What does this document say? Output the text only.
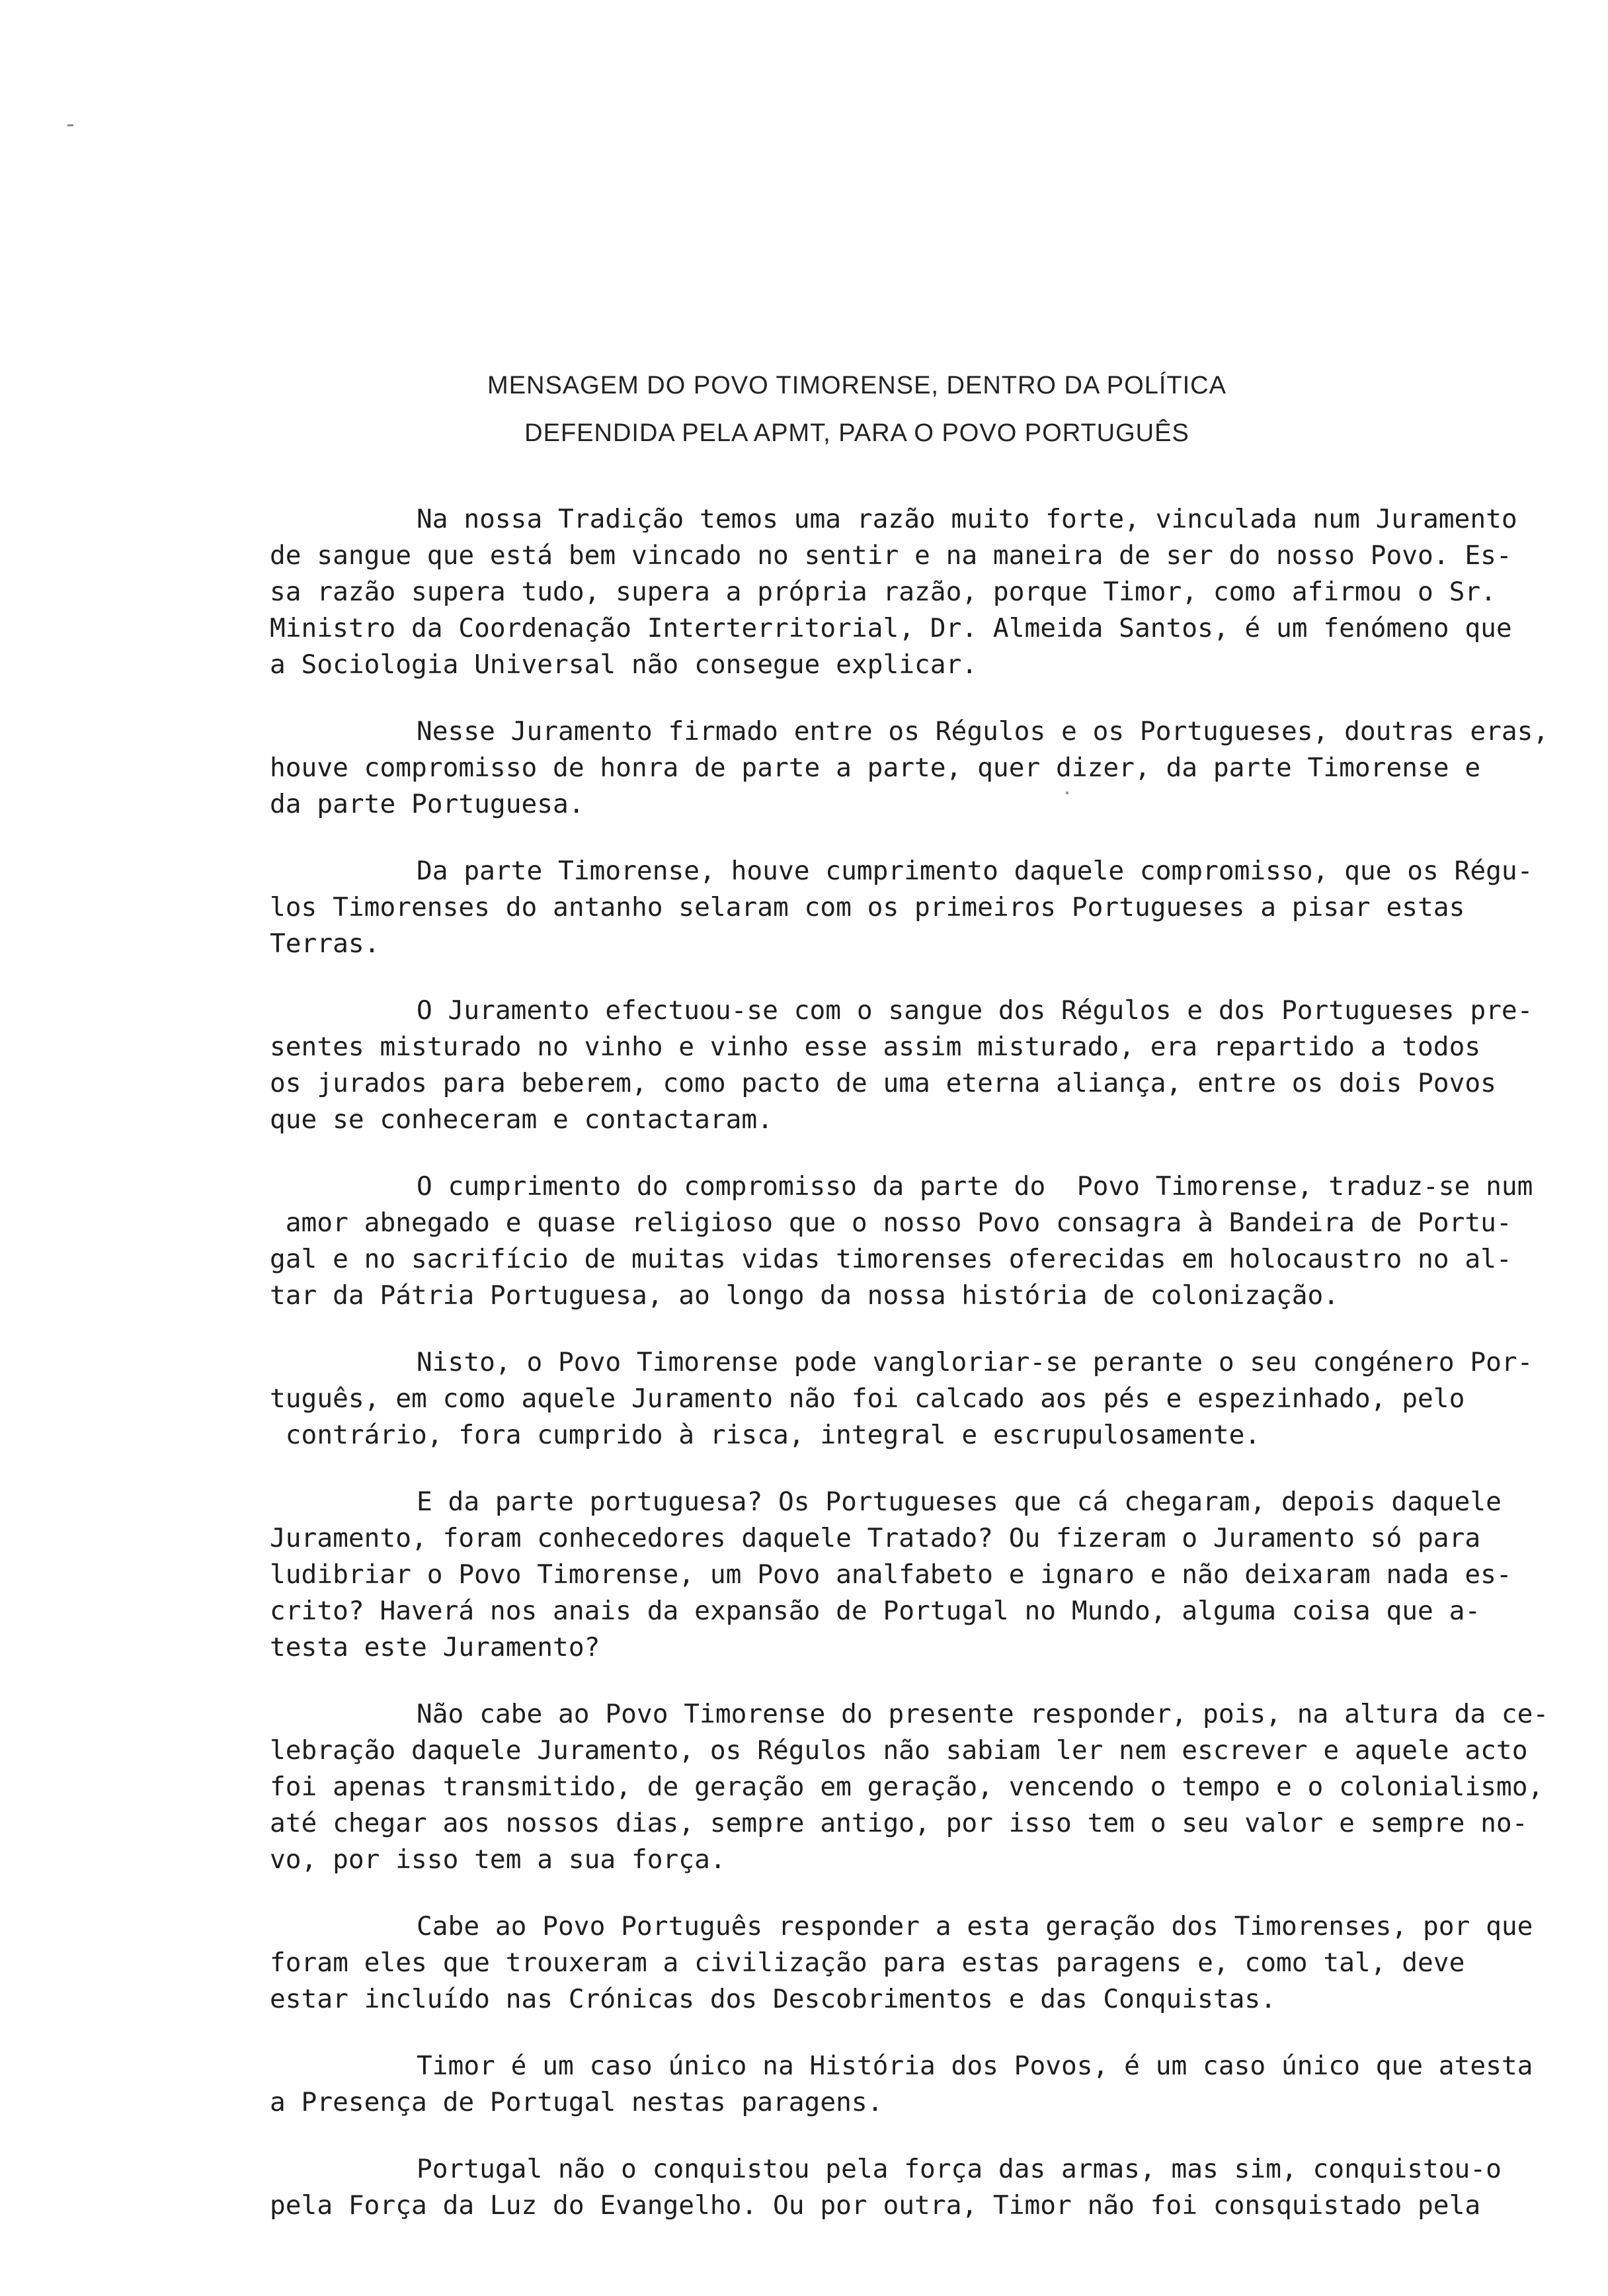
MENSAGEM DO POVO TIMORENSE, DENTRO DA POLÍTICA
DEFENDIDA PELA APMT, PARA O POVO PORTUGUÊS
Na nossa Tradição temos uma razão muito forte, vinculada num Juramento
de sangue que está bem vincado no sentir e na maneira de ser do nosso Povo. Es-
sa razão supera tudo, supera a própria razão, porque Timor, como afirmou o Sr.
Ministro da Coordenação Interterritorial, Dr. Almeida Santos, é um fenómeno que
a Sociologia Universal não consegue explicar.
Nesse Juramento firmado entre os Régulos e os Portugueses, doutras eras,
houve compromisso de honra de parte a parte, quer dizer, da parte Timorense e
da parte Portuguesa.
Da parte Timorense, houve cumprimento daquele compromisso, que os Régu-
los Timorenses do antanho selaram com os primeiros Portugueses a pisar estas
Terras.
O Juramento efectuou-se com o sangue dos Régulos e dos Portugueses pre-
sentes misturado no vinho e vinho esse assim misturado, era repartido a todos
os jurados para beberem, como pacto de uma eterna aliança, entre os dois Povos
que se conheceram e contactaram.
O cumprimento do compromisso da parte do  Povo Timorense, traduz-se num
amor abnegado e quase religioso que o nosso Povo consagra à Bandeira de Portu-
gal e no sacrifício de muitas vidas timorenses oferecidas em holocaustro no al-
tar da Pátria Portuguesa, ao longo da nossa história de colonização.
Nisto, o Povo Timorense pode vangloriar-se perante o seu congénero Por-
tuguês, em como aquele Juramento não foi calcado aos pés e espezinhado, pelo
contrário, fora cumprido à risca, integral e escrupulosamente.
E da parte portuguesa? Os Portugueses que cá chegaram, depois daquele
Juramento, foram conhecedores daquele Tratado? Ou fizeram o Juramento só para
ludibriar o Povo Timorense, um Povo analfabeto e ignaro e não deixaram nada es-
crito? Haverá nos anais da expansão de Portugal no Mundo, alguma coisa que a-
testa este Juramento?
Não cabe ao Povo Timorense do presente responder, pois, na altura da ce-
lebração daquele Juramento, os Régulos não sabiam ler nem escrever e aquele acto
foi apenas transmitido, de geração em geração, vencendo o tempo e o colonialismo,
até chegar aos nossos dias, sempre antigo, por isso tem o seu valor e sempre no-
vo, por isso tem a sua força.
Cabe ao Povo Português responder a esta geração dos Timorenses, por que
foram eles que trouxeram a civilização para estas paragens e, como tal, deve
estar incluído nas Crónicas dos Descobrimentos e das Conquistas.
Timor é um caso único na História dos Povos, é um caso único que atesta
a Presença de Portugal nestas paragens.
Portugal não o conquistou pela força das armas, mas sim, conquistou-o
pela Força da Luz do Evangelho. Ou por outra, Timor não foi consquistado pela
